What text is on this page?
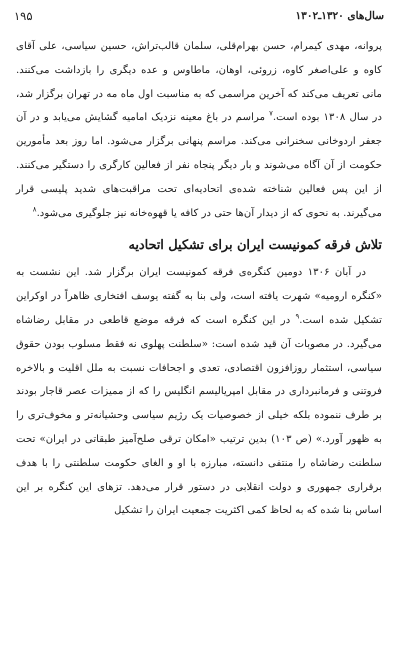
سال‌های ۱۳۲۰ـ۱۳۰۲
۱۹۵

پروانه، مهدی کیمرام، حسن بهرام‌قلی، سلمان قالب‌تراش، حسین سیاسی، علی آقای کاوه و علی‌اصغر کاوه، زروئی، اوهان، ماطاوس و عده دیگری را بازداشت می‌کنند. مانی تعریف می‌کند که آخرین مراسمی که به مناسبت اول ماه مه در تهران برگزار شد، در سال ۱۳۰۸ بوده است.$^۷$ مراسم در باغ معینه نزدیک امامیه گشایش می‌یابد و در آن جعفر اردوخانی سخنرانی می‌کند. مراسم پنهانی برگزار می‌شود. اما روز بعد مأمورین حکومت از آن آگاه می‌شوند و بار دیگر پنجاه نفر از فعالین کارگری را دستگیر می‌کنند. از این پس فعالین شناخته شده‌ی اتحادیه‌ای تحت مراقبت‌های شدید پلیسی قرار می‌گیرند. به نحوی که از دیدار آن‌ها حتی در کافه یا قهوه‌خانه نیز جلوگیری می‌شود.$^۸$

تلاش فرقه کمونیست ایران برای تشکیل اتحادیه

در آبان ۱۳۰۶ دومین کنگره‌ی فرقه کمونیست ایران برگزار شد. این نشست به «کنگره ارومیه» شهرت یافته است، ولی بنا به گفته یوسف افتخاری ظاهراً در اوکراین تشکیل شده است.$^۹$ در این کنگره است که فرقه موضع قاطعی در مقابل رضاشاه می‌گیرد. در مصوبات آن قید شده است: «سلطنت پهلوی نه فقط مسلوب بودن حقوق سیاسی، استثمار روزافزون اقتصادی، تعدی و اجحافات نسبت به ملل اقلیت و بالاخره فروتنی و فرمانبرداری در مقابل امپریالیسم انگلیس را که از ممیزات عصر قاجار بودند بر طرف ننموده بلکه خیلی از خصوصیات یک رژیم سیاسی وحشیانه‌تر و مخوف‌تری را به ظهور آورد.» (ص ۱۰۳) بدین ترتیب «امکان ترقی صلح‌آمیز طبقاتی در ایران» تحت سلطنت رضاشاه را منتفی دانسته، مبارزه با او و الغای حکومت سلطنتی را با هدف برقراری جمهوری و دولت انقلابی در دستور قرار می‌دهد. تزهای این کنگره بر این اساس بنا شده که به لحاظ کمی اکثریت جمعیت ایران را تشکیل
